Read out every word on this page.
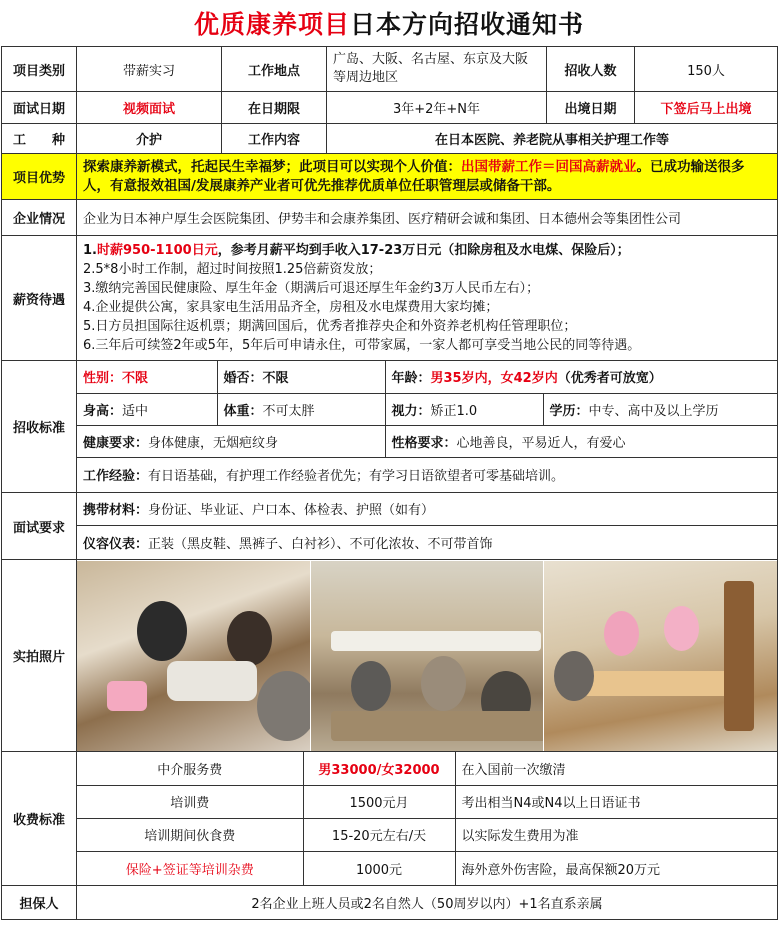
优质康养项目 日本方向招收通知书
项目类别	带薪实习	工作地点	广岛、大阪、名古屋、东京及大阪等周边地区	招收人数	150人
面试日期	视频面试	在日期限	3年+2年+N年	出境日期	下签后马上出境
工　　种	介护	工作内容	在日本医院、养老院从事相关护理工作等
项目优势	探索康养新模式，托起民生幸福梦；此项目可以实现个人价值：出国带薪工作＝回国高薪就业。已成功输送很多人，有意报效祖国/发展康养产业者可优先推荐优质单位任职管理层或储备干部。
企业情况	企业为日本神户厚生会医院集团、伊势丰和会康养集团、医疗精研会诚和集团、日本德州会等集团性公司
薪资待遇	
1.时薪950-1100日元，参考月薪平均到手收入17-23万日元（扣除房租及水电煤、保险后）；
2.5*8小时工作制，超过时间按照1.25倍薪资发放；
3.缴纳完善国民健康险、厚生年金（期满后可退还厚生年金约3万人民币左右）；
4.企业提供公寓，家具家电生活用品齐全，房租及水电煤费用大家均摊；
5.日方员担国际往返机票；期满回国后，优秀者推荐央企和外资养老机构任管理职位；
6.三年后可续签2年或5年，5年后可申请永住，可带家属，一家人都可享受当地公民的同等待遇。

招收标准	
性别：不限	婚否：不限	年龄：男35岁内，女42岁内（优秀者可放宽）
身高：适中	体重：不可太胖	视力：矫正1.0	学历：中专、高中及以上学历
健康要求：身体健康，无烟疤纹身	性格要求：心地善良，平易近人，有爱心
工作经验：有日语基础，有护理工作经验者优先；有学习日语欲望者可零基础培训。

面试要求	
携带材料：身份证、毕业证、户口本、体检表、护照（如有）
仪容仪表：正装（黑皮鞋、黑裤子、白衬衫）、不可化浓妆、不可带首饰

实拍照片	

收费标准	
中介服务费	男33000/女32000	在入国前一次缴清
培训费	1500元月	考出相当N4或N4以上日语证书
培训期间伙食费	15-20元左右/天	以实际发生费用为准
保险+签证等培训杂费	1000元	海外意外伤害险，最高保额20万元

担保人	2名企业上班人员或2名自然人（50周岁以内）+1名直系亲属
